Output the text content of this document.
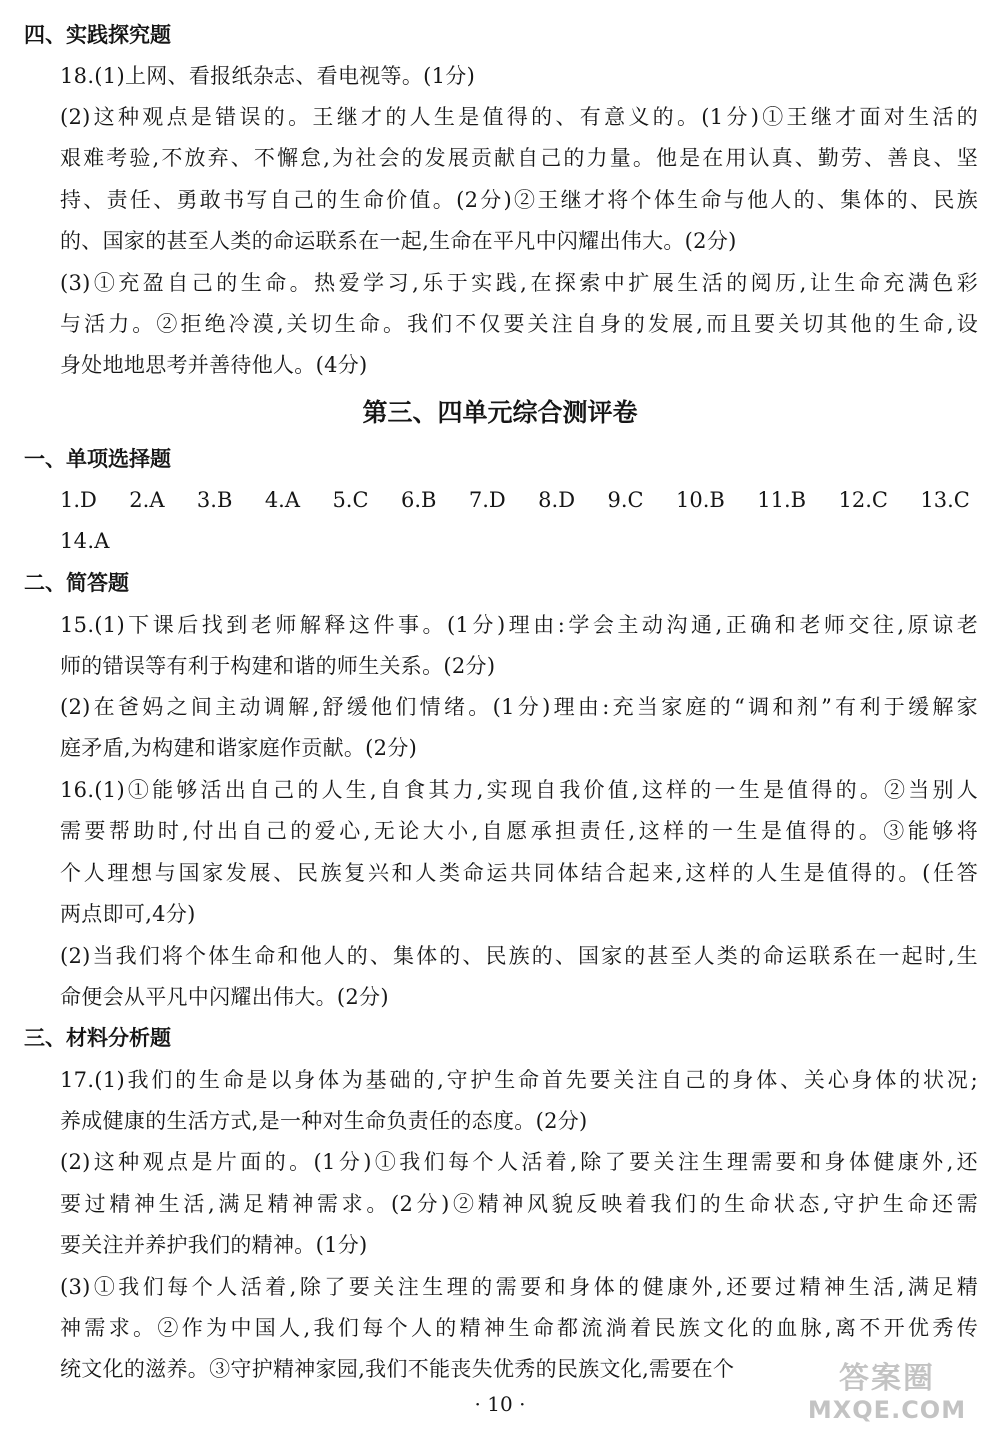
四、实践探究题
18.(1)上网、看报纸杂志、看电视等。(1分)
(2)这种观点是错误的。王继才的人生是值得的、有意义的。(1分)①王继才面对生活的
艰难考验,不放弃、不懈怠,为社会的发展贡献自己的力量。他是在用认真、勤劳、善良、坚
持、责任、勇敢书写自己的生命价值。(2分)②王继才将个体生命与他人的、集体的、民族
的、国家的甚至人类的命运联系在一起,生命在平凡中闪耀出伟大。(2分)
(3)①充盈自己的生命。热爱学习,乐于实践,在探索中扩展生活的阅历,让生命充满色彩
与活力。②拒绝冷漠,关切生命。我们不仅要关注自身的发展,而且要关切其他的生命,设
身处地地思考并善待他人。(4分)
第三、四单元综合测评卷
一、单项选择题
1.D 2.A 3.B 4.A 5.C 6.B 7.D 8.D 9.C 10.B 11.B 12.C 13.C
14.A
二、简答题
15.(1)下课后找到老师解释这件事。(1分)理由:学会主动沟通,正确和老师交往,原谅老
师的错误等有利于构建和谐的师生关系。(2分)
(2)在爸妈之间主动调解,舒缓他们情绪。(1分)理由:充当家庭的“调和剂”有利于缓解家
庭矛盾,为构建和谐家庭作贡献。(2分)
16.(1)①能够活出自己的人生,自食其力,实现自我价值,这样的一生是值得的。②当别人
需要帮助时,付出自己的爱心,无论大小,自愿承担责任,这样的一生是值得的。③能够将
个人理想与国家发展、民族复兴和人类命运共同体结合起来,这样的人生是值得的。(任答
两点即可,4分)
(2)当我们将个体生命和他人的、集体的、民族的、国家的甚至人类的命运联系在一起时,生
命便会从平凡中闪耀出伟大。(2分)
三、材料分析题
17.(1)我们的生命是以身体为基础的,守护生命首先要关注自己的身体、关心身体的状况;
养成健康的生活方式,是一种对生命负责任的态度。(2分)
(2)这种观点是片面的。(1分)①我们每个人活着,除了要关注生理需要和身体健康外,还
要过精神生活,满足精神需求。(2分)②精神风貌反映着我们的生命状态,守护生命还需
要关注并养护我们的精神。(1分)
(3)①我们每个人活着,除了要关注生理的需要和身体的健康外,还要过精神生活,满足精
神需求。②作为中国人,我们每个人的精神生命都流淌着民族文化的血脉,离不开优秀传
统文化的滋养。③守护精神家园,我们不能丧失优秀的民族文化,需要在个
· 10 ·
答案圈
MXQE.COM
